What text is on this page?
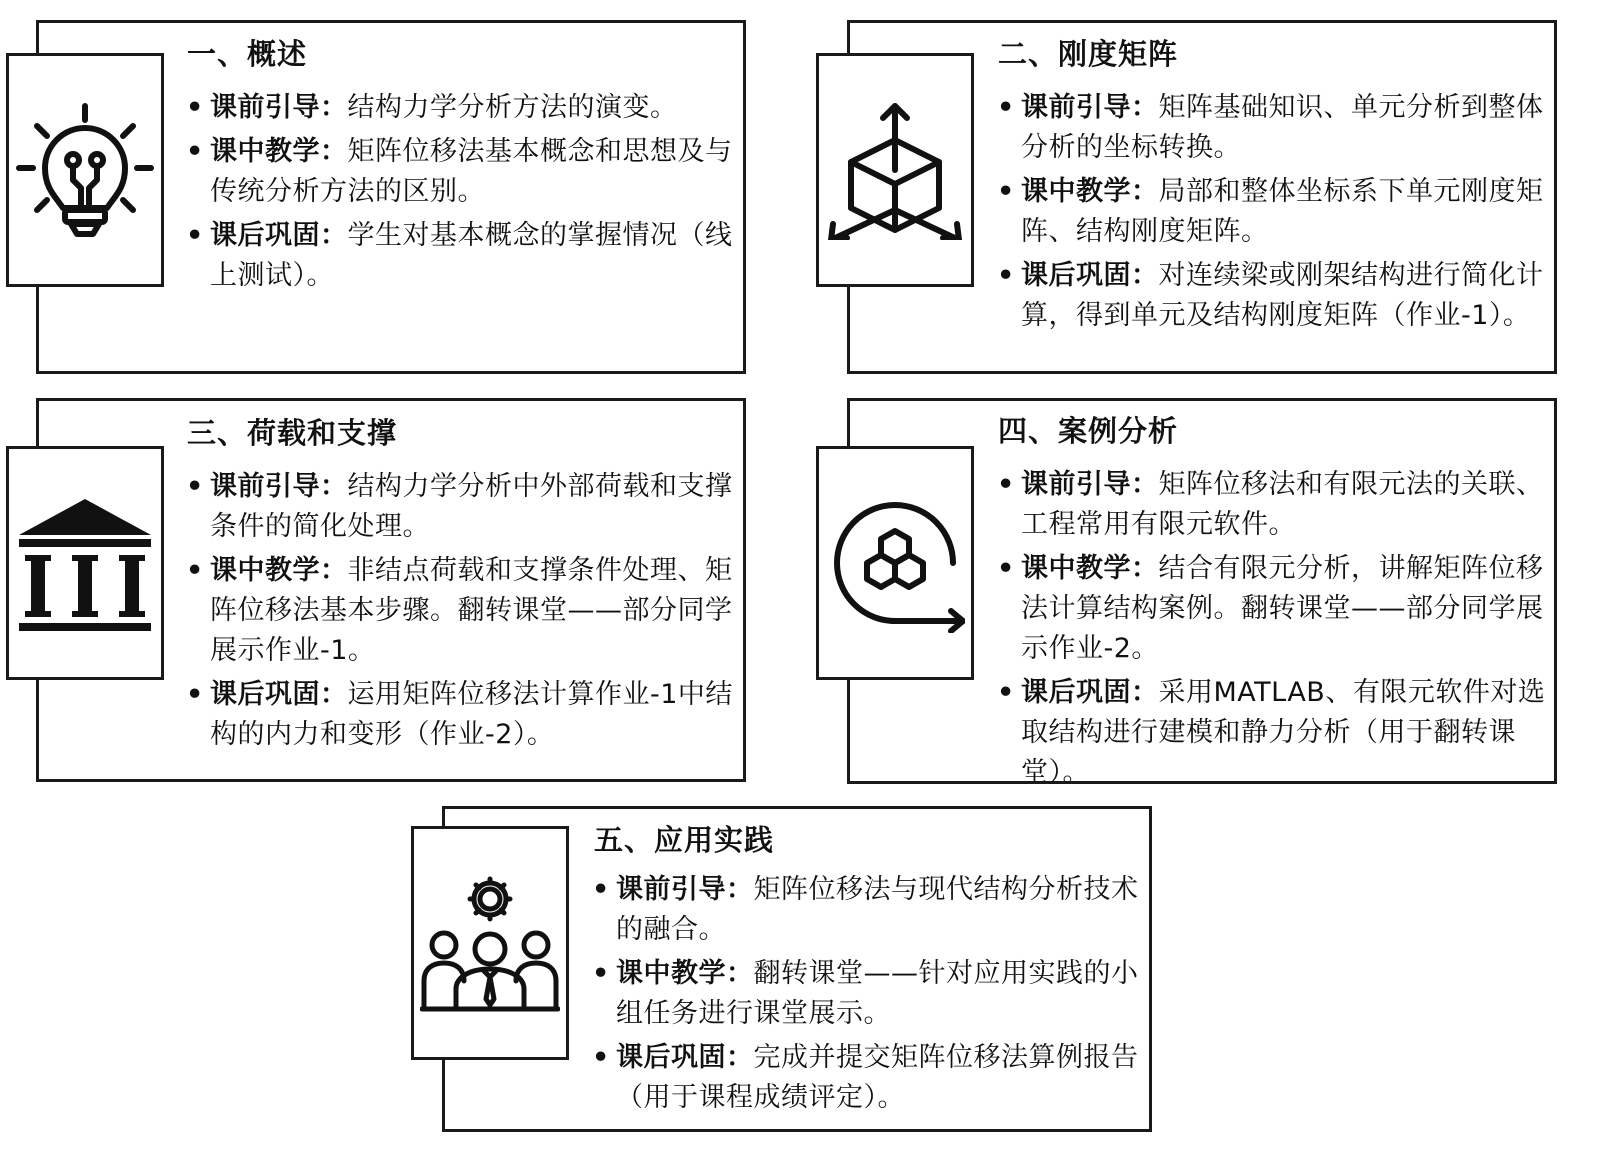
一、概述
• 课前引导：结构力学分析方法的演变。
• 课中教学：矩阵位移法基本概念和思想及与传统分析方法的区别。
• 课后巩固：学生对基本概念的掌握情况（线上测试）。
二、刚度矩阵
• 课前引导：矩阵基础知识、单元分析到整体分析的坐标转换。
• 课中教学：局部和整体坐标系下单元刚度矩阵、结构刚度矩阵。
• 课后巩固：对连续梁或刚架结构进行简化计算，得到单元及结构刚度矩阵（作业-1）。
三、荷载和支撑
• 课前引导：结构力学分析中外部荷载和支撑条件的简化处理。
• 课中教学：非结点荷载和支撑条件处理、矩阵位移法基本步骤。翻转课堂——部分同学展示作业-1。
• 课后巩固：运用矩阵位移法计算作业-1中结构的内力和变形（作业-2）。
四、案例分析
• 课前引导：矩阵位移法和有限元法的关联、工程常用有限元软件。
• 课中教学：结合有限元分析，讲解矩阵位移法计算结构案例。翻转课堂——部分同学展示作业-2。
• 课后巩固：采用MATLAB、有限元软件对选取结构进行建模和静力分析（用于翻转课堂）。
五、应用实践
• 课前引导：矩阵位移法与现代结构分析技术的融合。
• 课中教学：翻转课堂——针对应用实践的小组任务进行课堂展示。
• 课后巩固：完成并提交矩阵位移法算例报告（用于课程成绩评定）。
